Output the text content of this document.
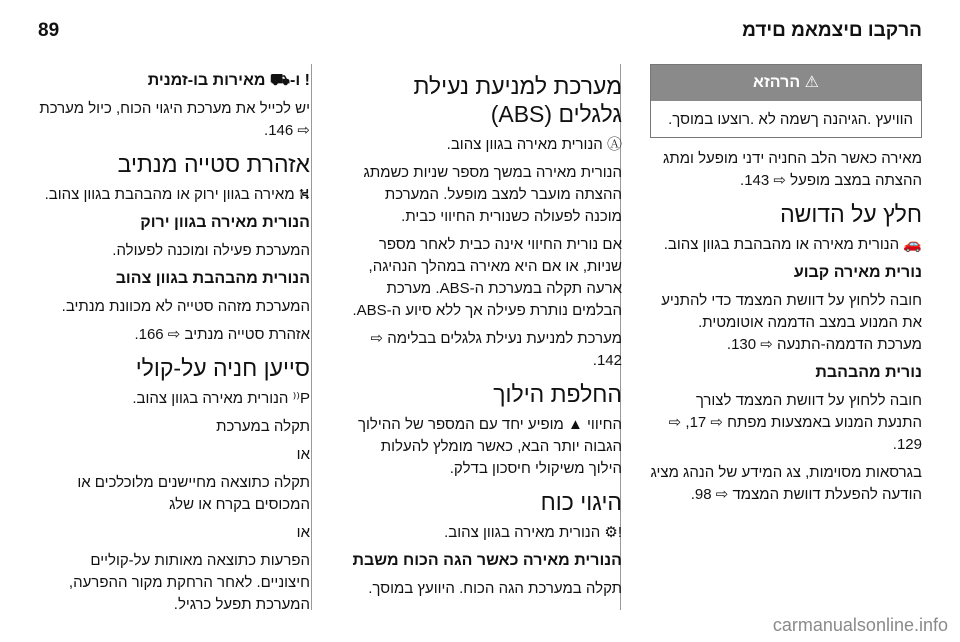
89	הרקבו םיצמאמ םידמ
⚠ הרהזא
הוויעץ .הגיהנה ךשמה לא .רוצעו במוסך.

מאירה כאשר הלב החניה ידני מופעל ומתג ההצתה במצב מופעל ⇨ 143.

חלץ על הדושה

🚗 הנורית מאירה או מהבהבת בגוון צהוב.

נורית מאירה קבוע

חובה ללחוץ על דוושת המצמד כדי להתניע את המנוע במצב הדממה אוטומטית. מערכת הדממה-התנעה ⇨ 130.

נורית מהבהבת

חובה ללחוץ על דוושת המצמד לצורך התנעת המנוע באמצעות מפתח ⇨ 17, ⇨ 129.

בגרסאות מסוימות, צג המידע של הנהג מציג הודעה להפעלת דוושת המצמד ⇨ 98.

מערכת למניעת נעילת גלגלים (ABS)

Ⓐ הנורית מאירה בגוון צהוב.

הנורית מאירה במשך מספר שניות כשמתג ההצתה מועבר למצב מופעל. המערכת מוכנה לפעולה כשנורית החיווי כבית.

אם נורית החיווי אינה כבית לאחר מספר שניות, או אם היא מאירה במהלך הנהיגה, ארעה תקלה במערכת ה-ABS. מערכת הבלמים נותרת פעילה אך ללא סיוע ה-ABS.

מערכת למניעת נעילת גלגלים בבלימה ⇨ 142.

החלפת הילוך

החיווי ▲ מופיע יחד עם המספר של ההילוך הגבוה יותר הבא, כאשר מומלץ להעלות הילוך משיקולי חיסכון בדלק.

היגוי כוח

!⚙ הנורית מאירה בגוון צהוב.

הנורית מאירה כאשר הגה הכוח משבת

תקלה במערכת הגה הכוח. היוועץ במוסך.

! ו-⛟ מאירות בו-זמנית

יש לכייל את מערכת היגוי הכוח, כיול מערכת ⇨ 146.

אזהרת סטייה מנתיב

⛕ מאירה בגוון ירוק או מהבהבת בגוון צהוב.

הנורית מאירה בגוון ירוק

המערכת פעילה ומוכנה לפעולה.

הנורית מהבהבת בגוון צהוב

המערכת מזהה סטייה לא מכוונת מנתיב.

אזהרת סטייה מנתיב ⇨ 166.

סייען חניה על-קולי

P⁽⁽ הנורית מאירה בגוון צהוב.

תקלה במערכת

או

תקלה כתוצאה מחיישנים מלוכלכים או המכוסים בקרח או שלג

או

הפרעות כתוצאה מאותות על-קוליים חיצוניים. לאחר הרחקת מקור ההפרעה, המערכת תפעל כרגיל.

carmanualsonline.info
